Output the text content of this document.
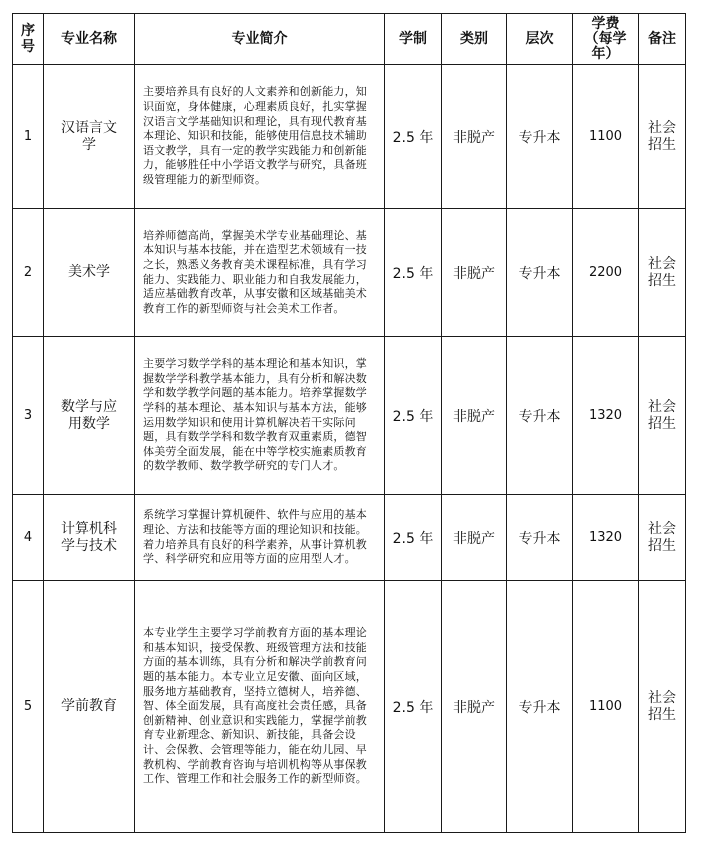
序号	专业名称	专业简介	学制	类别	层次	学费（每学年）	备注
1	汉语言文学	主要培养具有良好的人文素养和创新能力，知识面宽，身体健康，心理素质良好，扎实掌握汉语言文学基础知识和理论，具有现代教育基本理论、知识和技能，能够使用信息技术辅助语文教学，具有一定的教学实践能力和创新能力，能够胜任中小学语文教学与研究，具备班级管理能力的新型师资。	2.5 年	非脱产	专升本	1100	社会招生
2	美术学	培养师德高尚，掌握美术学专业基础理论、基本知识与基本技能，并在造型艺术领域有一技之长，熟悉义务教育美术课程标准，具有学习能力、实践能力、职业能力和自我发展能力，适应基础教育改革，从事安徽和区域基础美术教育工作的新型师资与社会美术工作者。	2.5 年	非脱产	专升本	2200	社会招生
3	数学与应用数学	主要学习数学学科的基本理论和基本知识，掌握数学学科教学基本能力，具有分析和解决数学和数学教学问题的基本能力。培养掌握数学学科的基本理论、基本知识与基本方法，能够运用数学知识和使用计算机解决若干实际问题，具有数学学科和数学教育双重素质，德智体美劳全面发展，能在中等学校实施素质教育的数学教师、数学教学研究的专门人才。	2.5 年	非脱产	专升本	1320	社会招生
4	计算机科学与技术	系统学习掌握计算机硬件、软件与应用的基本理论、方法和技能等方面的理论知识和技能。着力培养具有良好的科学素养，从事计算机教学、科学研究和应用等方面的应用型人才。	2.5 年	非脱产	专升本	1320	社会招生
5	学前教育	本专业学生主要学习学前教育方面的基本理论和基本知识，接受保教、班级管理方法和技能方面的基本训练，具有分析和解决学前教育问题的基本能力。本专业立足安徽、面向区域，服务地方基础教育，坚持立德树人，培养德、智、体全面发展，具有高度社会责任感，具备创新精神、创业意识和实践能力，掌握学前教育专业新理念、新知识、新技能，具备会设计、会保教、会管理等能力，能在幼儿园、早教机构、学前教育咨询与培训机构等从事保教工作、管理工作和社会服务工作的新型师资。	2.5 年	非脱产	专升本	1100	社会招生
